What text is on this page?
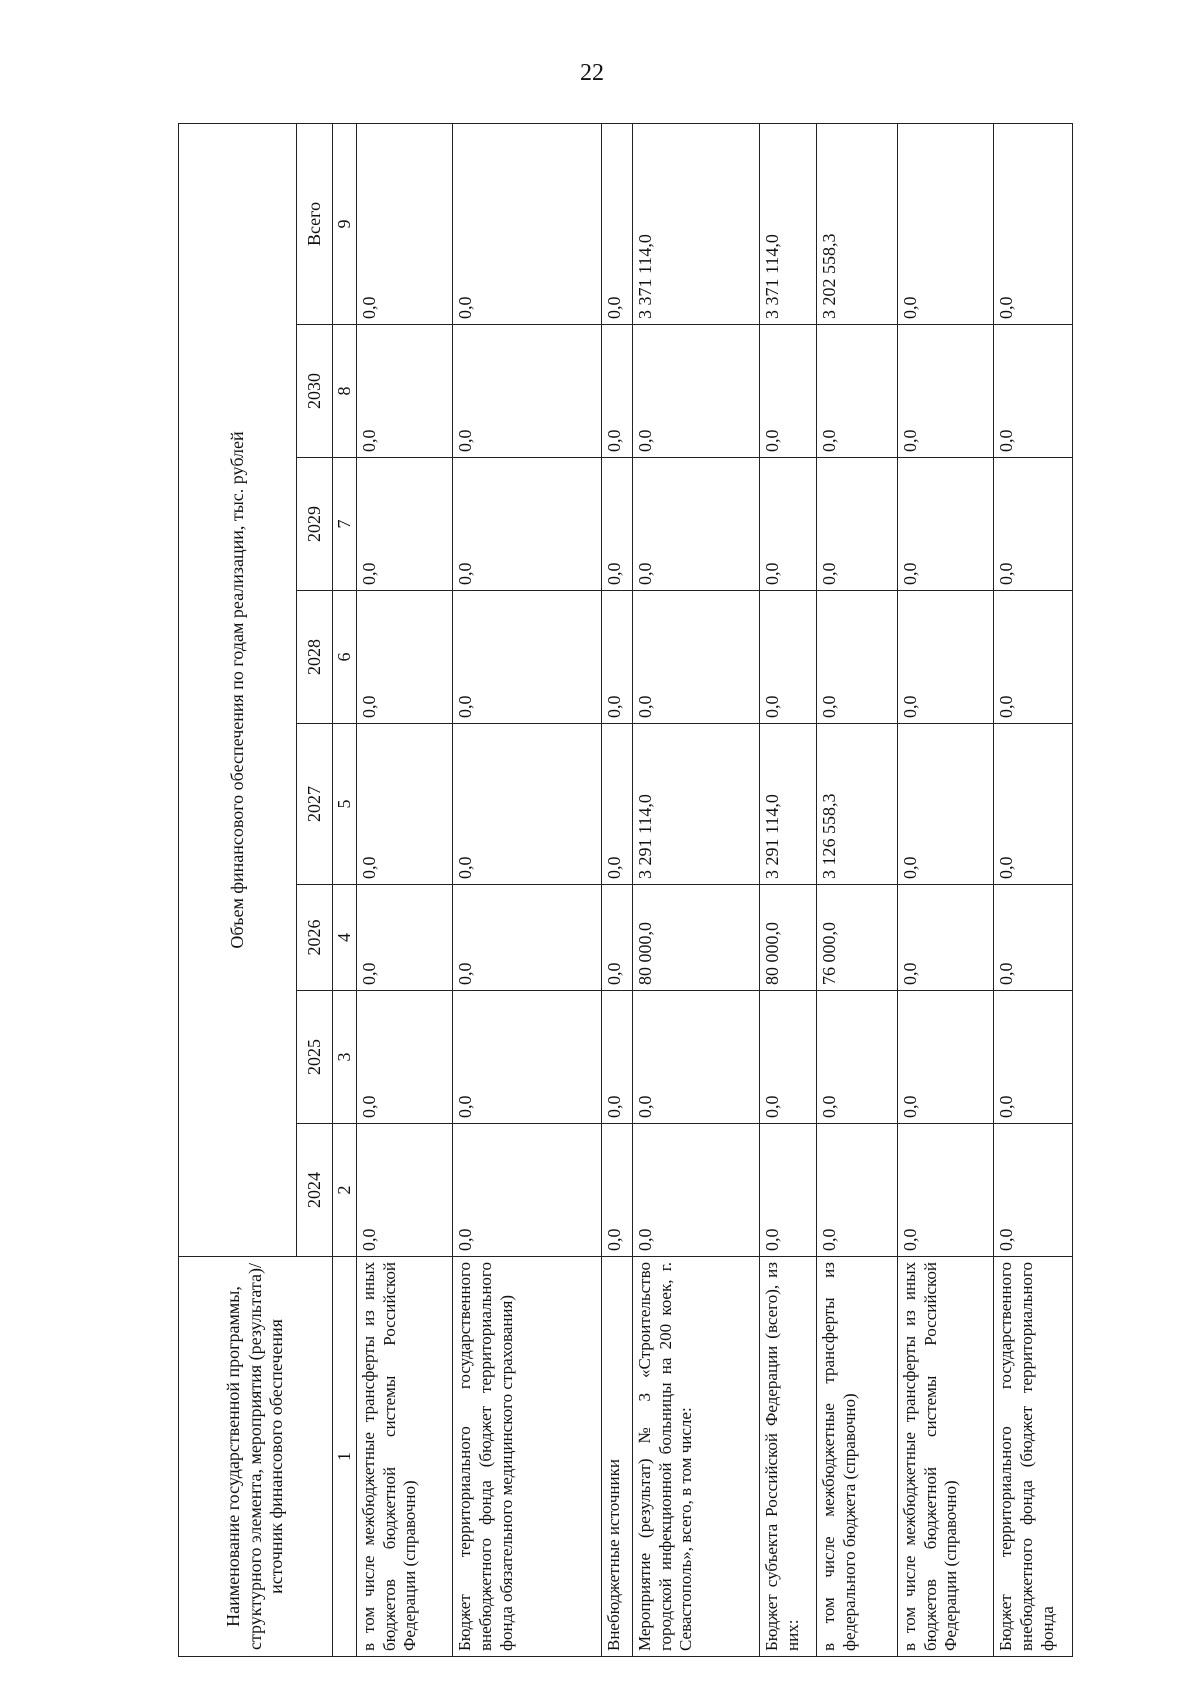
22
Наименование государственной программы, структурного элемента, мероприятия (результата)/источник финансового обеспечения	Объем финансового обеспечения по годам реализации, тыс. рублей							
	2024	2025	2026	2027	2028	2029	2030	Всего
1	2	3	4	5	6	7	8	9
в том числе межбюджетные трансферты из иных бюджетов бюджетной системы Российской Федерации (справочно)	0,0	0,0	0,0	0,0	0,0	0,0	0,0	0,0
Бюджет территориального государственного внебюджетного фонда (бюджет территориального фонда обязательного медицинского страхования)	0,0	0,0	0,0	0,0	0,0	0,0	0,0	0,0
Внебюджетные источники	0,0	0,0	0,0	0,0	0,0	0,0	0,0	0,0
Мероприятие (результат) № 3 «Строительство городской инфекционной больницы на 200 коек, г. Севастополь», всего, в том числе:	0,0	0,0	80 000,0	3 291 114,0	0,0	0,0	0,0	3 371 114,0
Бюджет субъекта Российской Федерации (всего), из них:	0,0	0,0	80 000,0	3 291 114,0	0,0	0,0	0,0	3 371 114,0
в том числе межбюджетные трансферты из федерального бюджета (справочно)	0,0	0,0	76 000,0	3 126 558,3	0,0	0,0	0,0	3 202 558,3
в том числе межбюджетные трансферты из иных бюджетов бюджетной системы Российской Федерации (справочно)	0,0	0,0	0,0	0,0	0,0	0,0	0,0	0,0
Бюджет территориального государственного внебюджетного фонда (бюджет территориального фонда	0,0	0,0	0,0	0,0	0,0	0,0	0,0	0,0
